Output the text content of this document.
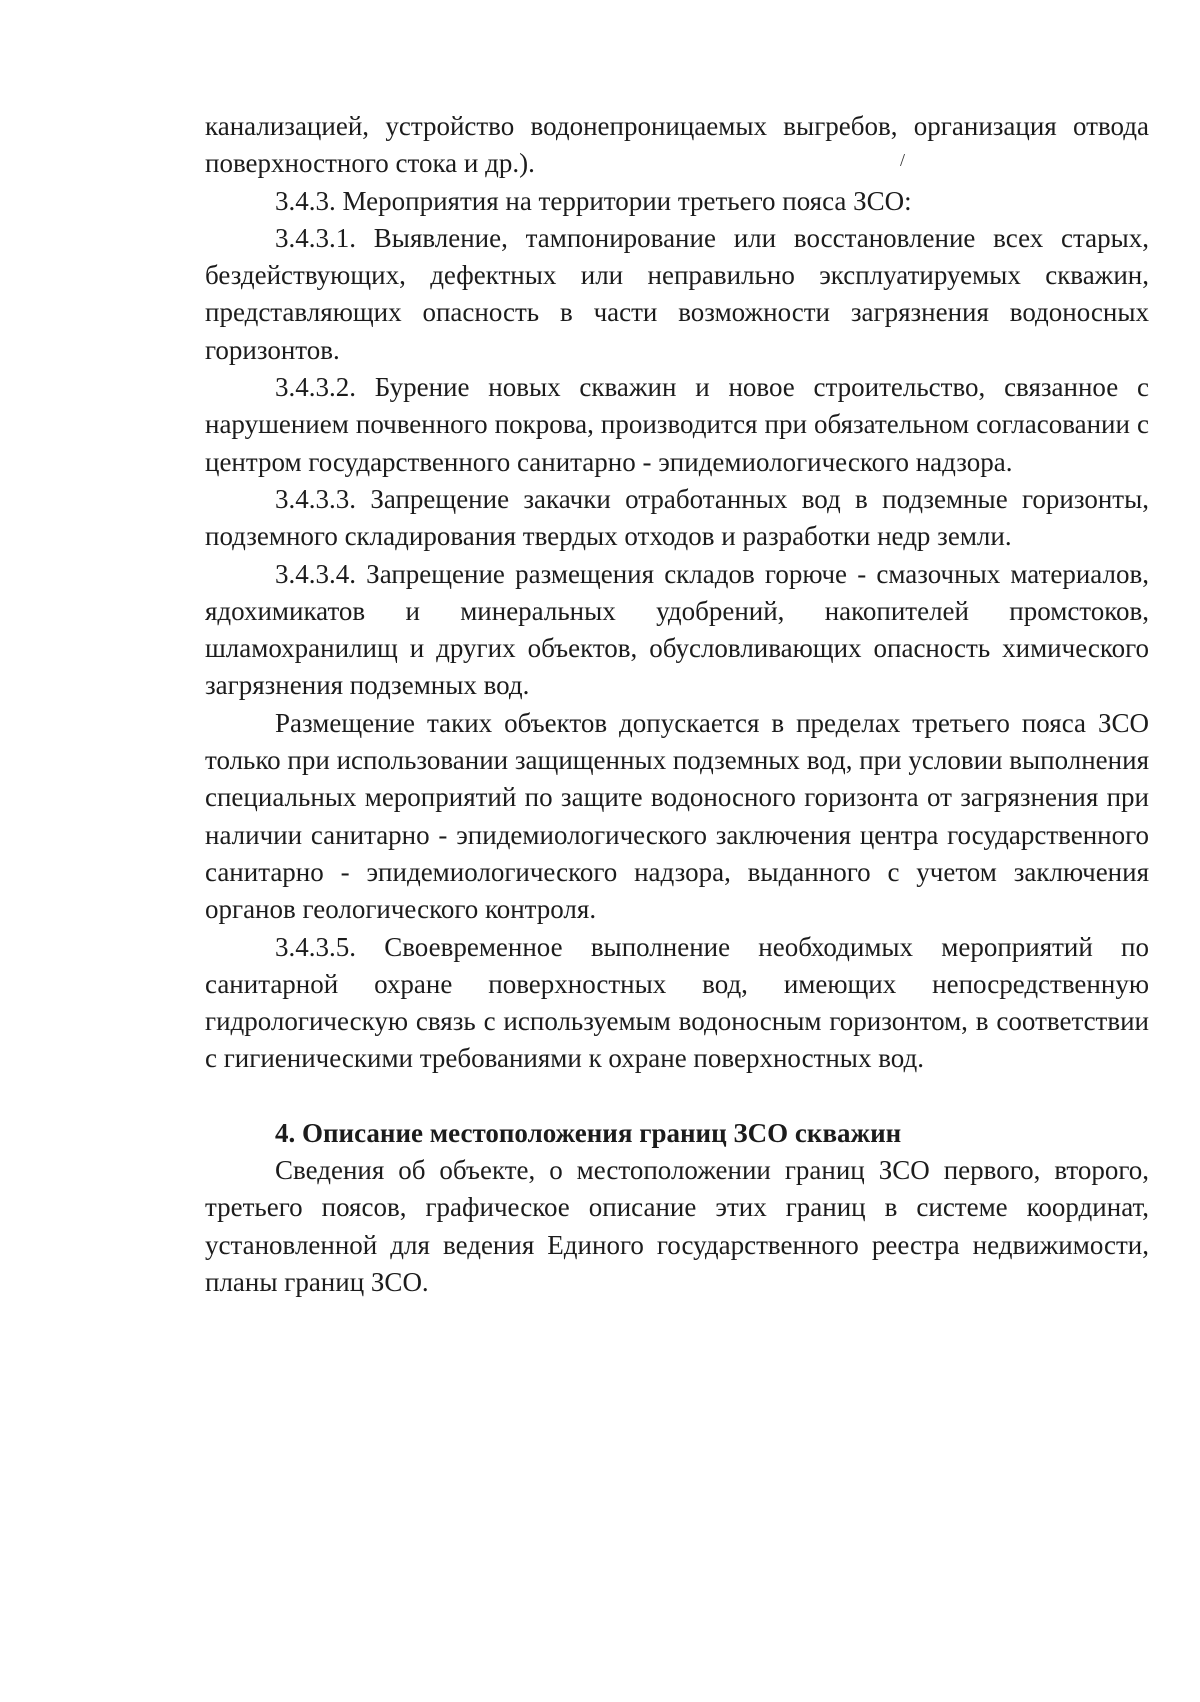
канализацией, устройство водонепроницаемых выгребов, организация отвода поверхностного стока и др.).

3.4.3. Мероприятия на территории третьего пояса ЗСО:

3.4.3.1. Выявление, тампонирование или восстановление всех старых, бездействующих, дефектных или неправильно эксплуатируемых скважин, представляющих опасность в части возможности загрязнения водоносных горизонтов.

3.4.3.2. Бурение новых скважин и новое строительство, связанное с нарушением почвенного покрова, производится при обязательном согласовании с центром государственного санитарно - эпидемиологического надзора.

3.4.3.3. Запрещение закачки отработанных вод в подземные горизонты, подземного складирования твердых отходов и разработки недр земли.

3.4.3.4. Запрещение размещения складов горюче - смазочных материалов, ядохимикатов и минеральных удобрений, накопителей промстоков, шламохранилищ и других объектов, обусловливающих опасность химического загрязнения подземных вод.

Размещение таких объектов допускается в пределах третьего пояса ЗСО только при использовании защищенных подземных вод, при условии выполнения специальных мероприятий по защите водоносного горизонта от загрязнения при наличии санитарно - эпидемиологического заключения центра государственного санитарно - эпидемиологического надзора, выданного с учетом заключения органов геологического контроля.

3.4.3.5. Своевременное выполнение необходимых мероприятий по санитарной охране поверхностных вод, имеющих непосредственную гидрологическую связь с используемым водоносным горизонтом, в соответствии с гигиеническими требованиями к охране поверхностных вод.

4. Описание местоположения границ ЗСО скважин

Сведения об объекте, о местоположении границ ЗСО первого, второго, третьего поясов, графическое описание этих границ в системе координат, установленной для ведения Единого государственного реестра недвижимости, планы границ ЗСО.

/
